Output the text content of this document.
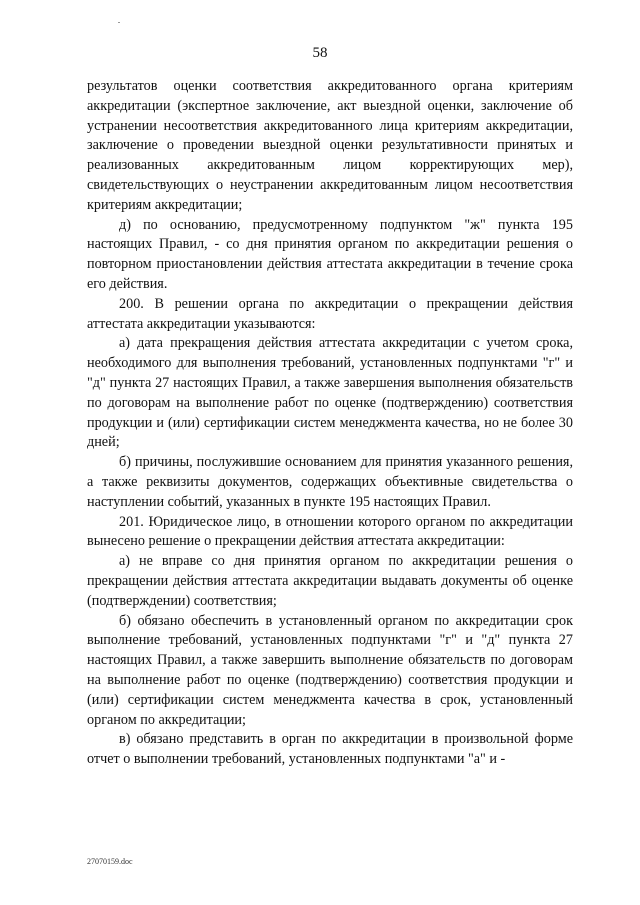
58

результатов оценки соответствия аккредитованного органа критериям аккредитации (экспертное заключение, акт выездной оценки, заключение об устранении несоответствия аккредитованного лица критериям аккредитации, заключение о проведении выездной оценки результативности принятых и реализованных аккредитованным лицом корректирующих мер), свидетельствующих о неустранении аккредитованным лицом несоответствия критериям аккредитации;

д) по основанию, предусмотренному подпунктом "ж" пункта 195 настоящих Правил, - со дня принятия органом по аккредитации решения о повторном приостановлении действия аттестата аккредитации в течение срока его действия.

200. В решении органа по аккредитации о прекращении действия аттестата аккредитации указываются:

а) дата прекращения действия аттестата аккредитации с учетом срока, необходимого для выполнения требований, установленных подпунктами "г" и "д" пункта 27 настоящих Правил, а также завершения выполнения обязательств по договорам на выполнение работ по оценке (подтверждению) соответствия продукции и (или) сертификации систем менеджмента качества, но не более 30 дней;

б) причины, послужившие основанием для принятия указанного решения, а также реквизиты документов, содержащих объективные свидетельства о наступлении событий, указанных в пункте 195 настоящих Правил.

201. Юридическое лицо, в отношении которого органом по аккредитации вынесено решение о прекращении действия аттестата аккредитации:

а) не вправе со дня принятия органом по аккредитации решения о прекращении действия аттестата аккредитации выдавать документы об оценке (подтверждении) соответствия;

б) обязано обеспечить в установленный органом по аккредитации срок выполнение требований, установленных подпунктами "г" и "д" пункта 27 настоящих Правил, а также завершить выполнение обязательств по договорам на выполнение работ по оценке (подтверждению) соответствия продукции и (или) сертификации систем менеджмента качества в срок, установленный органом по аккредитации;

в) обязано представить в орган по аккредитации в произвольной форме отчет о выполнении требований, установленных подпунктами "а" и -

27070159.doc
